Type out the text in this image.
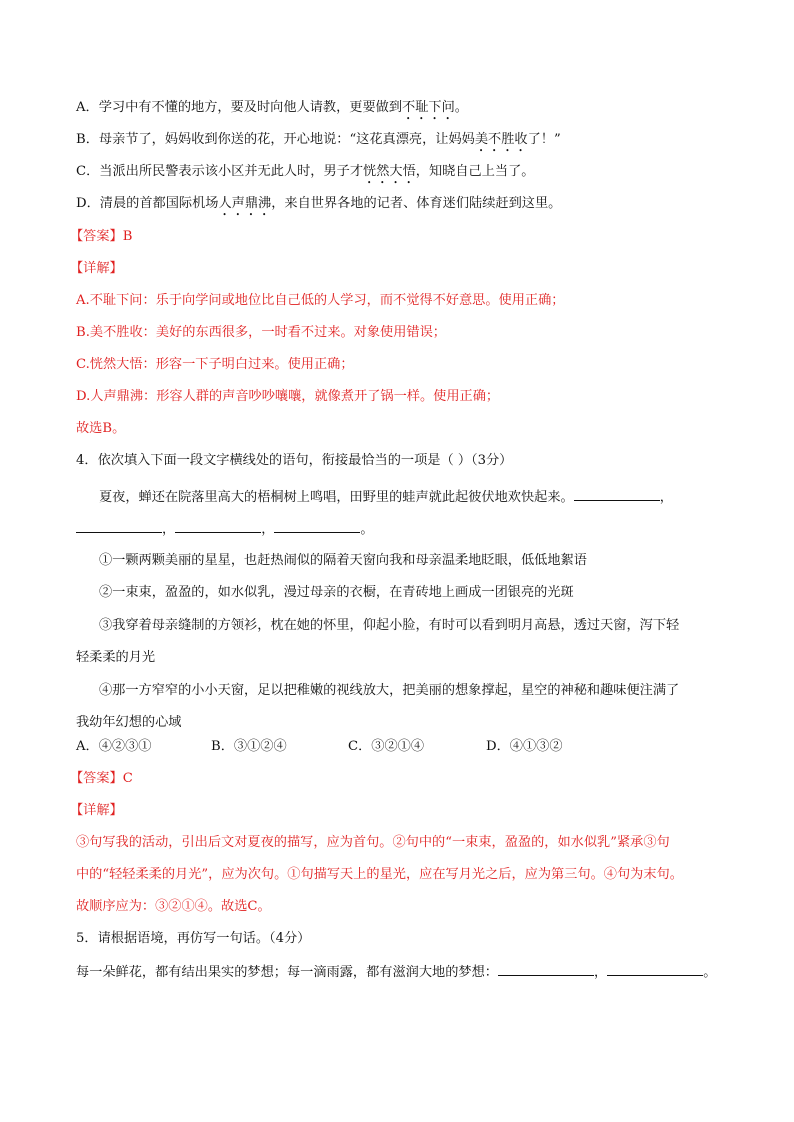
A．学习中有不懂的地方，要及时向他人请教，更要做到不耻下问。
B．母亲节了，妈妈收到你送的花，开心地说：“这花真漂亮，让妈妈美不胜收了！”
C．当派出所民警表示该小区并无此人时，男子才恍然大悟，知晓自己上当了。
D．清晨的首都国际机场人声鼎沸，来自世界各地的记者、体育迷们陆续赶到这里。
【答案】B
【详解】
A.不耻下问：乐于向学问或地位比自己低的人学习，而不觉得不好意思。使用正确；
B.美不胜收：美好的东西很多，一时看不过来。对象使用错误；
C.恍然大悟：形容一下子明白过来。使用正确；
D.人声鼎沸：形容人群的声音吵吵嚷嚷，就像煮开了锅一样。使用正确；
故选B。
4．依次填入下面一段文字横线处的语句，衔接最恰当的一项是（ ）（3分）
夏夜，蝉还在院落里高大的梧桐树上鸣唱，田野里的蛙声就此起彼伏地欢快起来。	，
，	，	。
①一颗两颗美丽的星星，也赶热闹似的隔着天窗向我和母亲温柔地眨眼，低低地絮语
②一束束，盈盈的，如水似乳，漫过母亲的衣橱，在青砖地上画成一团银亮的光斑
③我穿着母亲缝制的方领衫，枕在她的怀里，仰起小脸，有时可以看到明月高悬，透过天窗，泻下轻
轻柔柔的月光
④那一方窄窄的小小天窗，足以把稚嫩的视线放大，把美丽的想象撑起，星空的神秘和趣味便注满了
我幼年幻想的心域
A．④②③①	B．③①②④	C．③②①④	D．④①③②
【答案】C
【详解】
③句写我的活动，引出后文对夏夜的描写，应为首句。②句中的“一束束，盈盈的，如水似乳”紧承③句
中的“轻轻柔柔的月光”，应为次句。①句描写天上的星光，应在写月光之后，应为第三句。④句为末句。
故顺序应为：③②①④。故选C。
5．请根据语境，再仿写一句话。（4分）
每一朵鲜花，都有结出果实的梦想；每一滴雨露，都有滋润大地的梦想：	，	。
